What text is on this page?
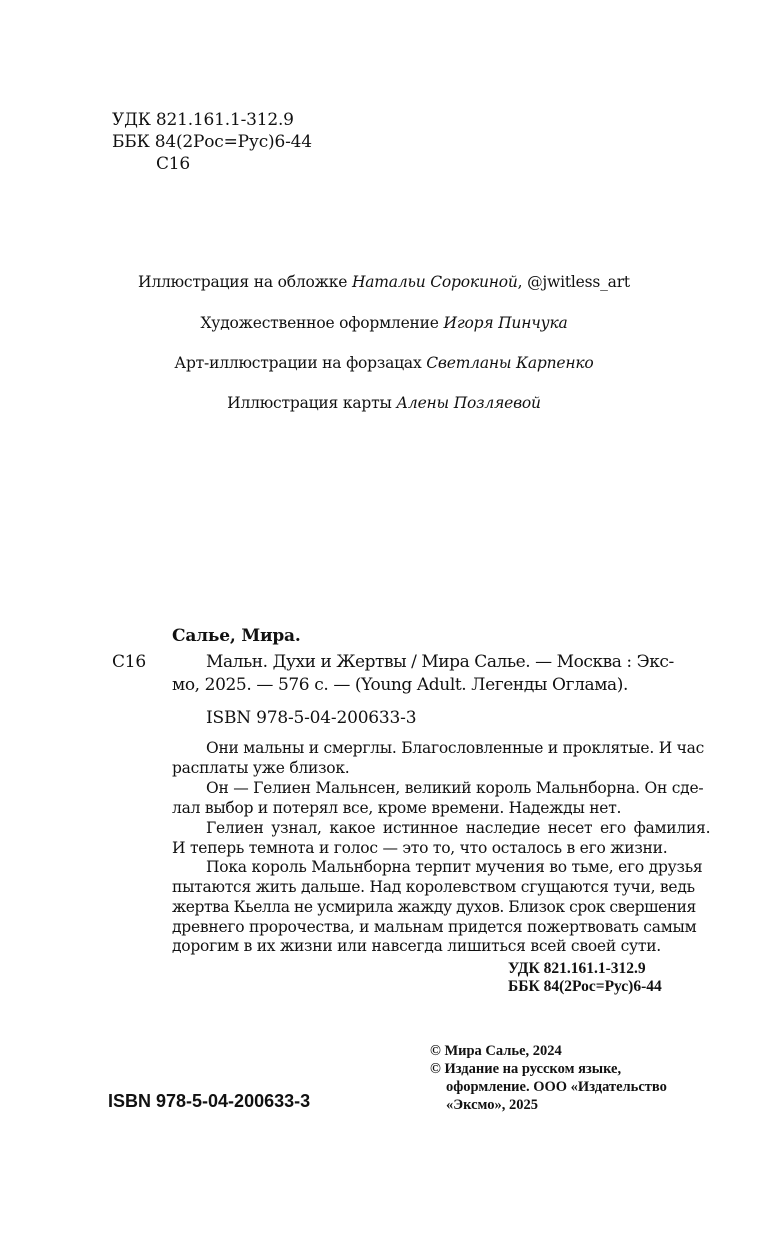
УДК 821.161.1-312.9
ББК 84(2Рос=Рус)6-44
С16
Иллюстрация на обложке Натальи Сорокиной, @jwitless_art
Художественное оформление Игоря Пинчука
Арт-иллюстрации на форзацах Светланы Карпенко
Иллюстрация карты Алены Позляевой
Салье, Мира.
С16	Мальн. Духи и Жертвы / Мира Салье. — Москва : Экс-
мо, 2025. — 576 с. — (Young Adult. Легенды Оглама).
ISBN 978-5-04-200633-3
Они мальны и смерглы. Благословленные и проклятые. И час
расплаты уже близок.
Он — Гелиен Мальнсен, великий король Мальнборна. Он сде-
лал выбор и потерял все, кроме времени. Надежды нет.
Гелиен узнал, какое истинное наследие несет его фамилия.
И теперь темнота и голос — это то, что осталось в его жизни.
Пока король Мальнборна терпит мучения во тьме, его друзья
пытаются жить дальше. Над королевством сгущаются тучи, ведь
жертва Кьелла не усмирила жажду духов. Близок срок свершения
древнего пророчества, и мальнам придется пожертвовать самым
дорогим в их жизни или навсегда лишиться всей своей сути.
УДК 821.161.1-312.9
ББК 84(2Рос=Рус)6-44
© Мира Салье, 2024
© Издание на русском языке,
оформление. ООО «Издательство
«Эксмо», 2025
ISBN 978-5-04-200633-3
